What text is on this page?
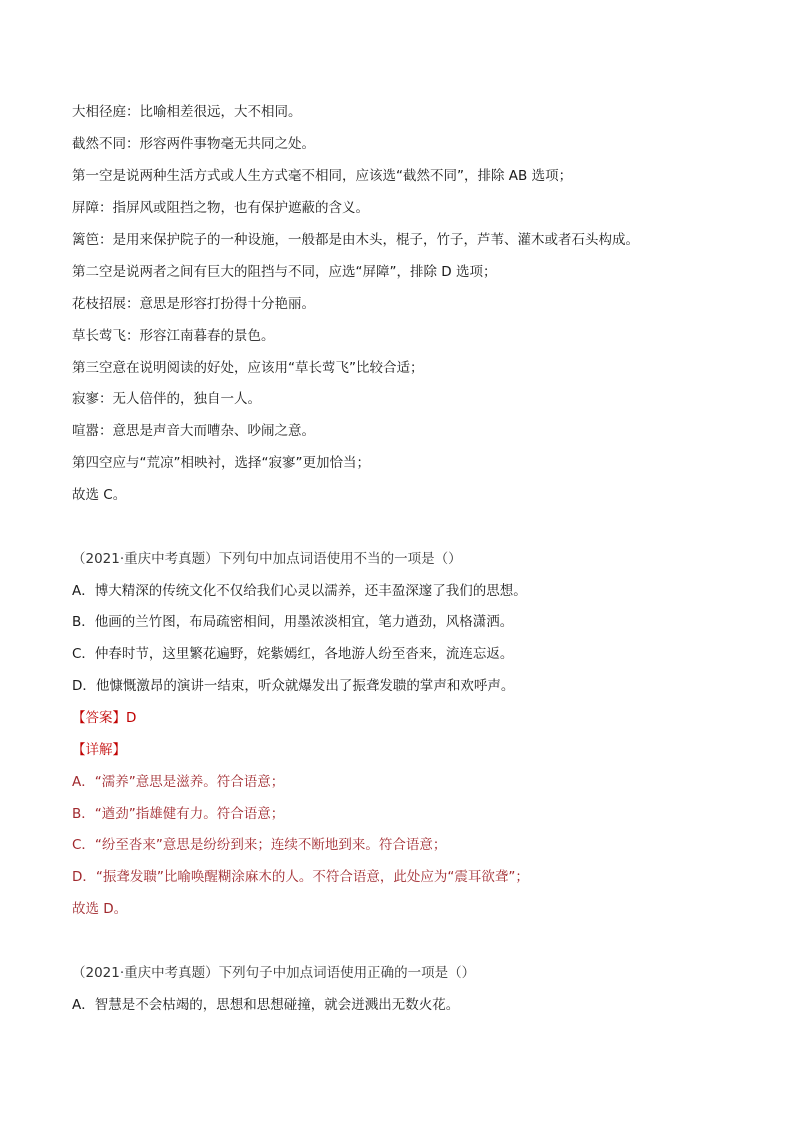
大相径庭：比喻相差很远，大不相同。
截然不同：形容两件事物毫无共同之处。
第一空是说两种生活方式或人生方式毫不相同，应该选“截然不同”，排除 AB 选项；
屏障：指屏风或阻挡之物，也有保护遮蔽的含义。
篱笆：是用来保护院子的一种设施，一般都是由木头，棍子，竹子，芦苇、灌木或者石头构成。
第二空是说两者之间有巨大的阻挡与不同，应选“屏障”，排除 D 选项；
花枝招展：意思是形容打扮得十分艳丽。
草长莺飞：形容江南暮春的景色。
第三空意在说明阅读的好处，应该用“草长莺飞”比较合适；
寂寥：无人倍伴的，独自一人。
喧嚣：意思是声音大而嘈杂、吵闹之意。
第四空应与“荒凉”相映衬，选择“寂寥”更加恰当；
故选 C。
（2021·重庆中考真题）下列句中加点词语使用不当的一项是（）
A．博大精深的传统文化不仅给我们心灵以濡养，还丰盈深邃了我们的思想。
B．他画的兰竹图，布局疏密相间，用墨浓淡相宜，笔力遒劲，风格潇洒。
C．仲春时节，这里繁花遍野，姹紫嫣红，各地游人纷至沓来，流连忘返。
D．他慷慨激昂的演讲一结束，听众就爆发出了振聋发聩的掌声和欢呼声。
【答案】D
【详解】
A．“濡养”意思是滋养。符合语意；
B．“遒劲”指雄健有力。符合语意；
C．“纷至沓来”意思是纷纷到来；连续不断地到来。符合语意；
D．“振聋发聩”比喻唤醒糊涂麻木的人。不符合语意，此处应为“震耳欲聋”；
故选 D。
（2021·重庆中考真题）下列句子中加点词语使用正确的一项是（）
A．智慧是不会枯竭的，思想和思想碰撞，就会迸溅出无数火花。
